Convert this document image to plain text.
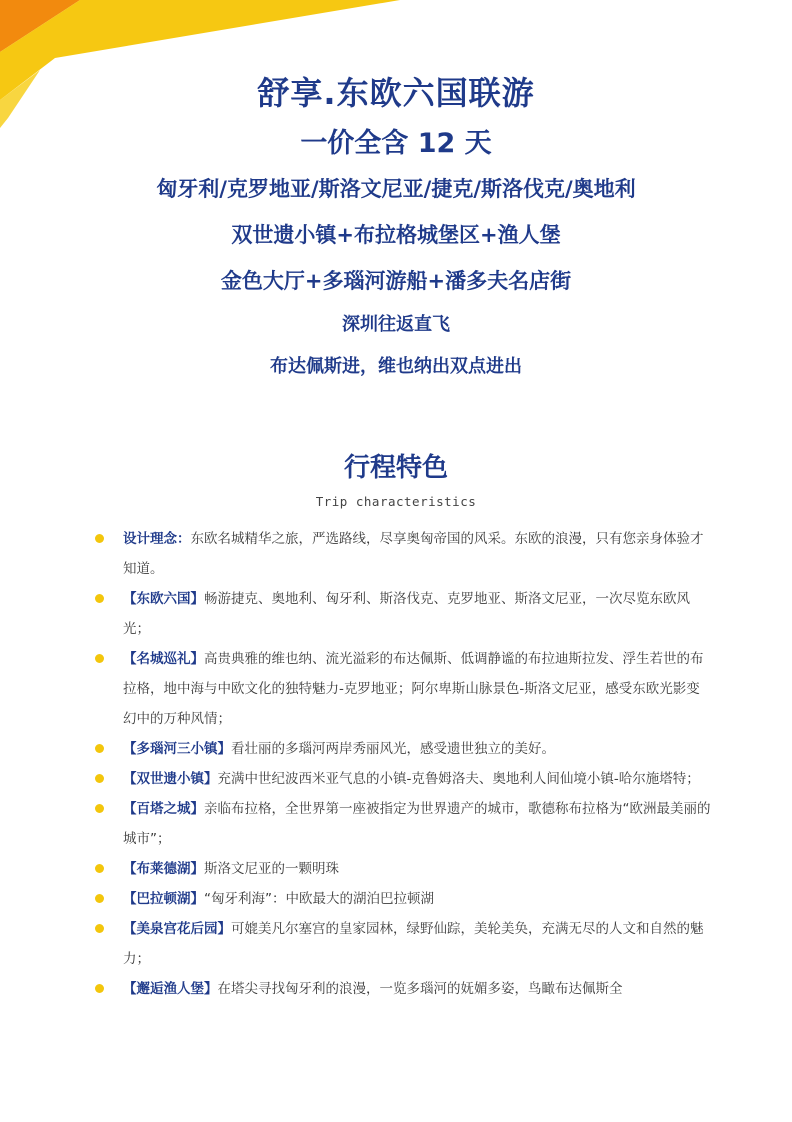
舒享.东欧六国联游
一价全含 12 天
匈牙利/克罗地亚/斯洛文尼亚/捷克/斯洛伐克/奥地利
双世遗小镇+布拉格城堡区+渔人堡
金色大厅+多瑙河游船+潘多夫名店街
深圳往返直飞
布达佩斯进，维也纳出双点进出
行程特色
Trip characteristics
设计理念：东欧名城精华之旅，严选路线，尽享奥匈帝国的风采。东欧的浪漫，只有您亲身体验才知道。
【东欧六国】畅游捷克、奥地利、匈牙利、斯洛伐克、克罗地亚、斯洛文尼亚，一次尽览东欧风光；
【名城巡礼】高贵典雅的维也纳、流光溢彩的布达佩斯、低调静谧的布拉迪斯拉发、浮生若世的布拉格，地中海与中欧文化的独特魅力-克罗地亚；阿尔卑斯山脉景色-斯洛文尼亚，感受东欧光影变幻中的万种风情；
【多瑙河三小镇】看壮丽的多瑙河两岸秀丽风光，感受遗世独立的美好。
【双世遗小镇】充满中世纪波西米亚气息的小镇-克鲁姆洛夫、奥地利人间仙境小镇-哈尔施塔特；
【百塔之城】亲临布拉格，全世界第一座被指定为世界遗产的城市，歌德称布拉格为“欧洲最美丽的城市”；
【布莱德湖】斯洛文尼亚的一颗明珠
【巴拉顿湖】“匈牙利海”：中欧最大的湖泊巴拉顿湖
【美泉宫花后园】可媲美凡尔塞宫的皇家园林，绿野仙踪，美轮美奂，充满无尽的人文和自然的魅力；
【邂逅渔人堡】在塔尖寻找匈牙利的浪漫，一览多瑙河的妩媚多姿，鸟瞰布达佩斯全
